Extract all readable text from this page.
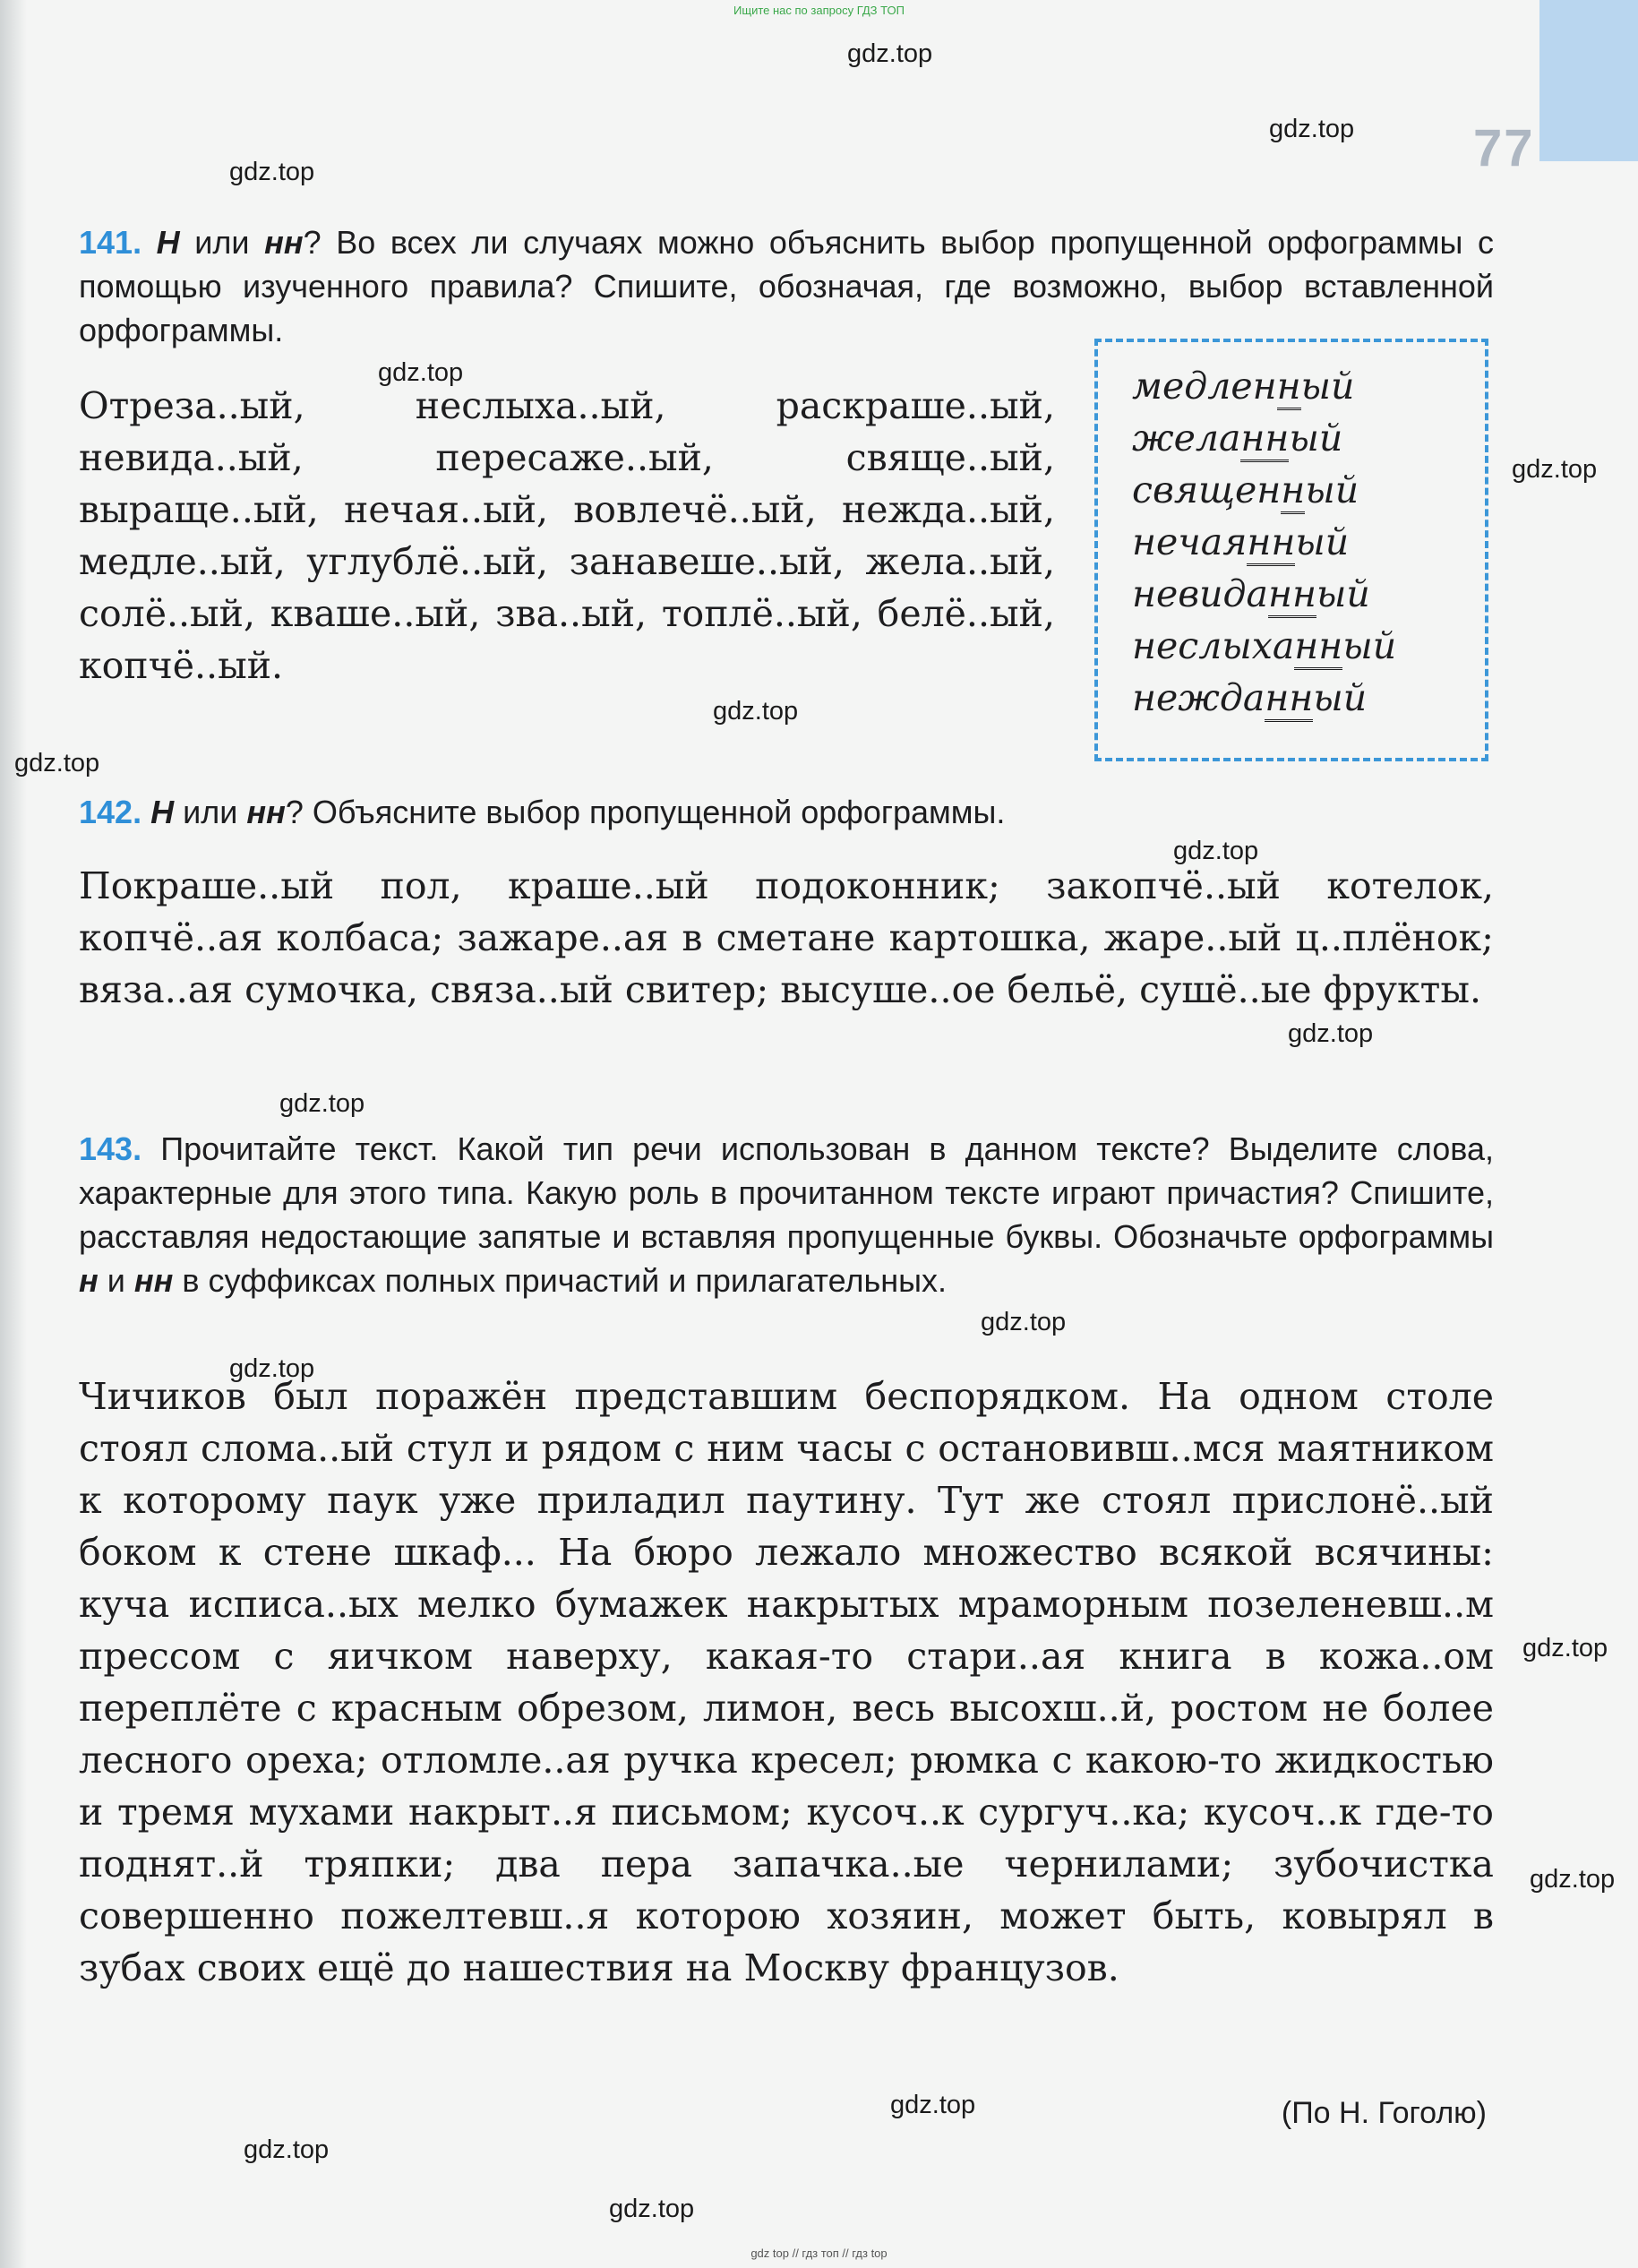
Ищите нас по запросу ГДЗ ТОП
77
gdz.top
gdz.top
gdz.top
gdz.top
gdz.top
gdz.top
gdz.top
gdz.top
gdz.top
gdz.top
gdz.top
gdz.top
gdz.top
gdz.top
gdz.top
gdz.top
gdz.top
141. Н или нн? Во всех ли случаях можно объяснить выбор пропущенной орфограммы с помощью изученного правила? Спишите, обозначая, где возможно, выбор вставленной орфограммы.
Отреза..ый, неслыха..ый, раскраше..ый, невида..ый, пересаже..ый, свяще..ый, выраще..ый, нечая..ый, вовлечё..ый, нежда..ый, медле..ый, углублё..ый, занавеше..ый, жела..ый, солё..ый, кваше..ый, зва..ый, топлё..ый, белё..ый, копчё..ый.
медленный
желанный
священный
нечаянный
невиданный
неслыханный
нежданный
142. Н или нн? Объясните выбор пропущенной орфограммы.
Покраше..ый пол, краше..ый подоконник; закопчё..ый котелок, копчё..ая колбаса; зажаре..ая в сметане картошка, жаре..ый ц..плёнок; вяза..ая сумочка, связа..ый свитер; высуше..ое бельё, сушё..ые фрукты.
143. Прочитайте текст. Какой тип речи использован в данном тексте? Выделите слова, характерные для этого типа. Какую роль в прочитанном тексте играют причастия? Спишите, расставляя недостающие запятые и вставляя пропущенные буквы. Обозначьте орфограммы н и нн в суффиксах полных причастий и прилагательных.
Чичиков был поражён представшим беспорядком. На одном столе стоял слома..ый стул и рядом с ним часы с остановивш..мся маятником к которому паук уже приладил паутину. Тут же стоял прислонё..ый боком к стене шкаф... На бюро лежало множество всякой всячины: куча исписа..ых мелко бумажек накрытых мраморным позеленевш..м прессом с яичком наверху, какая-то стари..ая книга в кожа..ом переплёте с красным обрезом, лимон, весь высохш..й, ростом не более лесного ореха; отломле..ая ручка кресел; рюмка с какою-то жидкостью и тремя мухами накрыт..я письмом; кусоч..к сургуч..ка; кусоч..к где-то поднят..й тряпки; два пера запачка..ые чернилами; зубочистка совершенно пожелтевш..я которою хозяин, может быть, ковырял в зубах своих ещё до нашествия на Москву французов.
(По Н. Гоголю)
gdz top // гдз топ // гдз top
